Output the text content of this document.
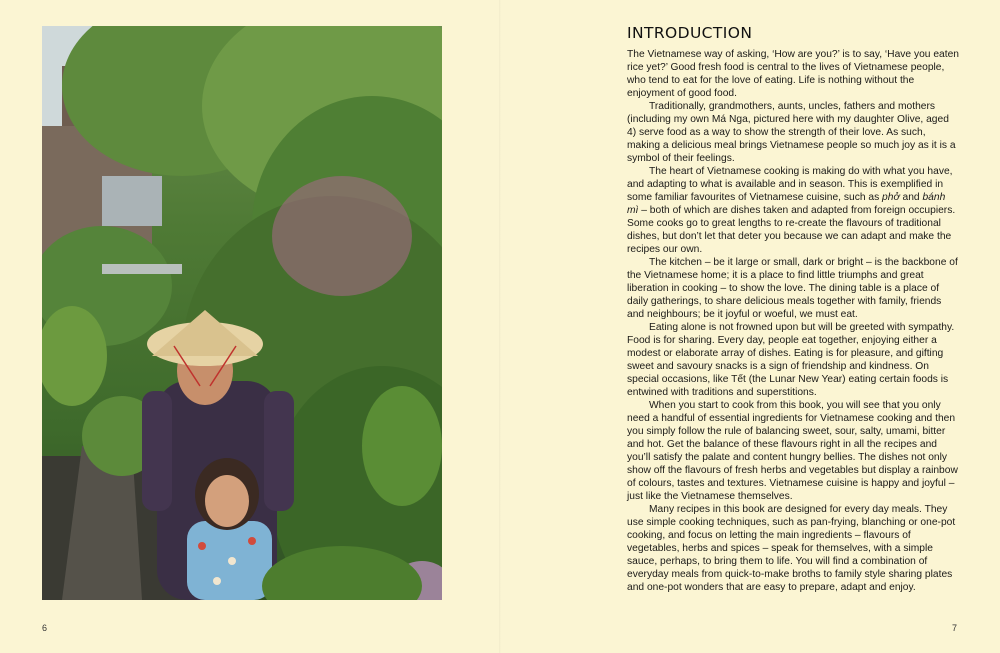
INTRODUCTION

The Vietnamese way of asking, ‘How are you?’ is to say, ‘Have you eaten rice yet?’ Good fresh food is central to the lives of Vietnamese people, who tend to eat for the love of eating. Life is nothing without the enjoyment of good food.

Traditionally, grandmothers, aunts, uncles, fathers and mothers (including my own Má Nga, pictured here with my daughter Olive, aged 4) serve food as a way to show the strength of their love. As such, making a delicious meal brings Vietnamese people so much joy as it is a symbol of their feelings.

The heart of Vietnamese cooking is making do with what you have, and adapting to what is available and in season. This is exemplified in some familiar favourites of Vietnamese cuisine, such as phở and bánh mì – both of which are dishes taken and adapted from foreign occupiers. Some cooks go to great lengths to re-create the flavours of traditional dishes, but don’t let that deter you because we can adapt and make the recipes our own.

The kitchen – be it large or small, dark or bright – is the backbone of the Vietnamese home; it is a place to find little triumphs and great liberation in cooking – to show the love. The dining table is a place of daily gatherings, to share delicious meals together with family, friends and neighbours; be it joyful or woeful, we must eat.

Eating alone is not frowned upon but will be greeted with sympathy. Food is for sharing. Every day, people eat together, enjoying either a modest or elaborate array of dishes. Eating is for pleasure, and gifting sweet and savoury snacks is a sign of friendship and kindness. On special occasions, like Tết (the Lunar New Year) eating certain foods is entwined with traditions and superstitions.

When you start to cook from this book, you will see that you only need a handful of essential ingredients for Vietnamese cooking and then you simply follow the rule of balancing sweet, sour, salty, umami, bitter and hot. Get the balance of these flavours right in all the recipes and you’ll satisfy the palate and content hungry bellies. The dishes not only show off the flavours of fresh herbs and vegetables but display a rainbow of colours, tastes and textures. Vietnamese cuisine is happy and joyful – just like the Vietnamese themselves.

Many recipes in this book are designed for every day meals. They use simple cooking techniques, such as pan-frying, blanching or one-pot cooking, and focus on letting the main ingredients – flavours of vegetables, herbs and spices – speak for themselves, with a simple sauce, perhaps, to bring them to life. You will find a combination of everyday meals from quick-to-make broths to family style sharing plates and one-pot wonders that are easy to prepare, adapt and enjoy.

6	7
